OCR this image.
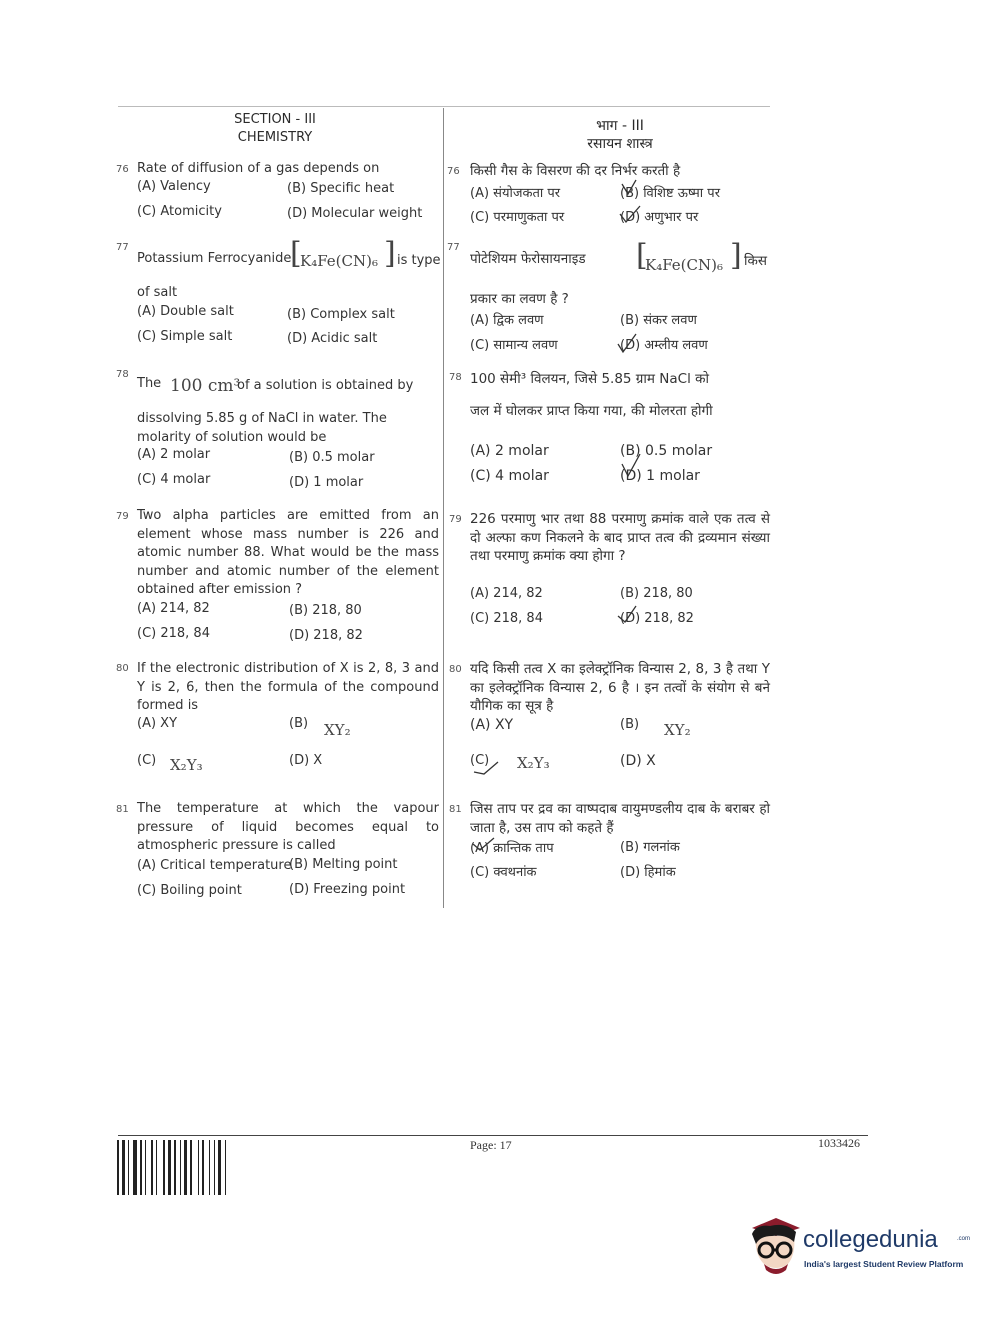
SECTION - III
CHEMISTRY
भाग - III
रसायन शास्त्र
76 Rate of diffusion of a gas depends on
(A) Valency	(B) Specific heat
(C) Atomicity	(D) Molecular weight
76 किसी गैस के विसरण की दर निर्भर करती है
(A) संयोजकता पर	(B) विशिष्ट ऊष्मा पर
(C) परमाणुकता पर	(D) अणुभार पर
77
Potassium Ferrocyanide
[
K₄Fe(CN)₆ ] is type
of salt
(A) Double salt	(B) Complex salt
(C) Simple salt	(D) Acidic salt
77
पोटेशियम फेरोसायनाइड [
K₄Fe(CN)₆ ] किस
प्रकार का लवण है ?
(A) द्विक लवण	(B) संकर लवण
(C) सामान्य लवण	(D) अम्लीय लवण
78
The 100 cm³
of a solution is obtained by
dissolving 5.85 g of NaCl in water. The molarity of solution would be
(A) 2 molar	(B) 0.5 molar
(C) 4 molar	(D) 1 molar
78 100 सेमी³ विलयन, जिसे 5.85 ग्राम NaCl को
जल में घोलकर प्राप्त किया गया, की मोलरता होगी
(A) 2 molar	(B) 0.5 molar
(C) 4 molar	(D) 1 molar
79 Two alpha particles are emitted from an element whose mass number is 226 and atomic number 88. What would be the mass number and atomic number of the element obtained after emission ?
(A) 214, 82	(B) 218, 80
(C) 218, 84	(D) 218, 82
79 226 परमाणु भार तथा 88 परमाणु क्रमांक वाले एक तत्व से दो अल्फा कण निकलने के बाद प्राप्त तत्व की द्रव्यमान संख्या तथा परमाणु क्रमांक क्या होगा ?
(A) 214, 82	(B) 218, 80
(C) 218, 84	(D) 218, 82
80 If the electronic distribution of X is 2, 8, 3 and Y is 2, 6, then the formula of the compound formed is
(A) XY	(B) XY₂
(C) X₂Y₃	(D) X
80 यदि किसी तत्व X का इलेक्ट्रॉनिक विन्यास 2, 8, 3 है तथा Y का इलेक्ट्रॉनिक विन्यास 2, 6 है । इन तत्वों के संयोग से बने यौगिक का सूत्र है
(A) XY	(B) XY₂
(C) X₂Y₃	(D) X
81 The temperature at which the vapour pressure of liquid becomes equal to atmospheric pressure is called
(A) Critical temperature
(B) Melting point
(C) Boiling point	(D) Freezing point
81 जिस ताप पर द्रव का वाष्पदाब वायुमण्डलीय दाब के बराबर हो जाता है, उस ताप को कहते हैं
(A) क्रान्तिक ताप	(B) गलनांक
(C) क्वथनांक	(D) हिमांक
Page: 17	1033426
collegedunia	.com
India's largest Student Review Platform
